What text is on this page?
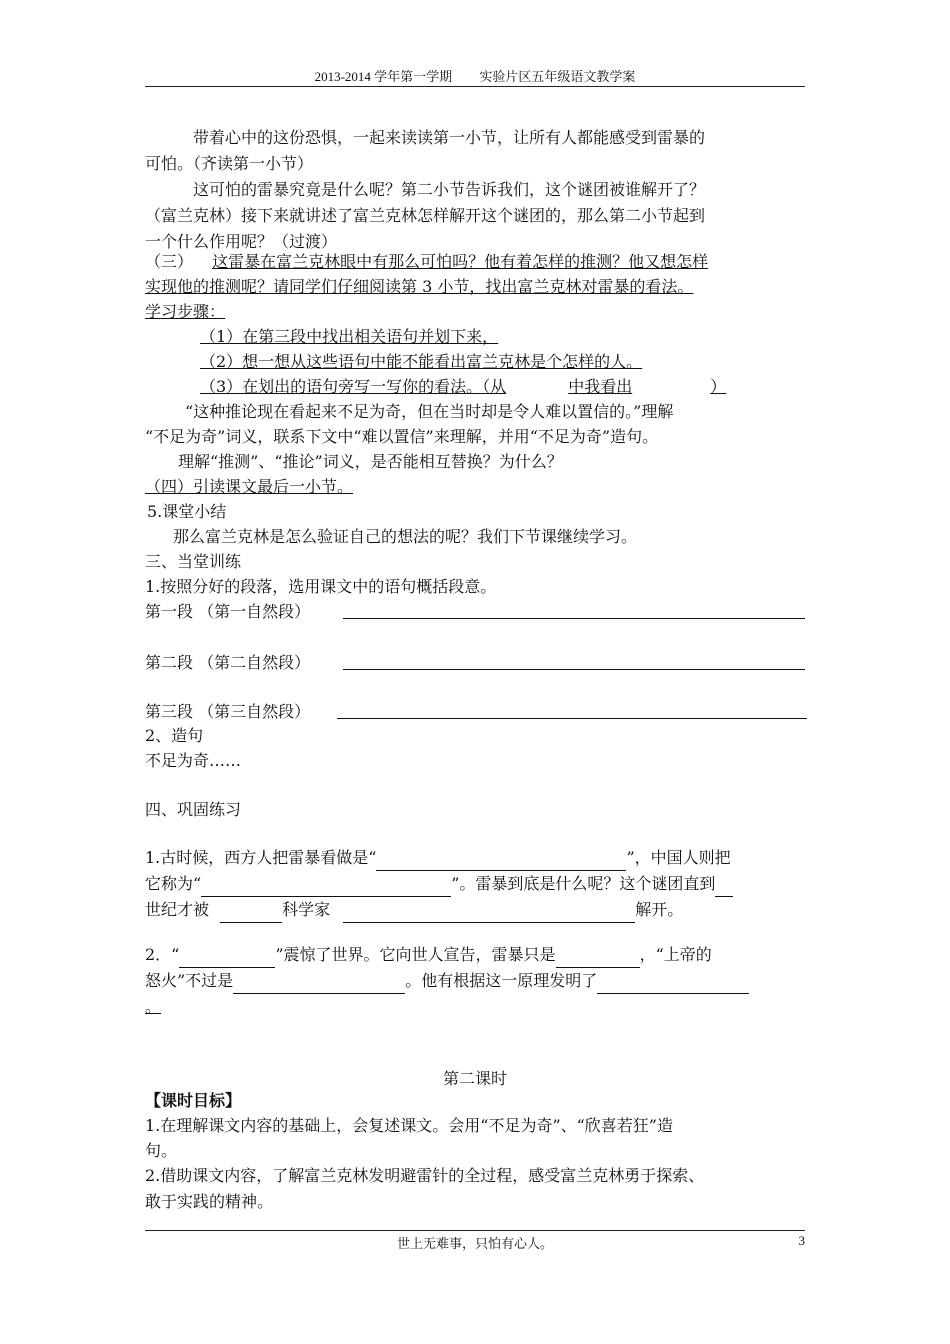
2013-2014 学年第一学期 实验片区五年级语文教学案
带着心中的这份恐惧，一起来读读第一小节，让所有人都能感受到雷暴的
可怕。（齐读第一小节）
这可怕的雷暴究竟是什么呢？第二小节告诉我们，这个谜团被谁解开了？
（富兰克林）接下来就讲述了富兰克林怎样解开这个谜团的，那么第二小节起到
一个什么作用呢？（过渡）
（三） 这雷暴在富兰克林眼中有那么可怕吗？他有着怎样的推测？他又想怎样
实现他的推测呢？请同学们仔细阅读第 3 小节，找出富兰克林对雷暴的看法。
学习步骤：
（1）在第三段中找出相关语句并划下来，
（2）想一想从这些语句中能不能看出富兰克林是个怎样的人。
（3）在划出的语句旁写一写你的看法。（从	中我看出	）
“这种推论现在看起来不足为奇，但在当时却是令人难以置信的。”理解
“不足为奇”词义，联系下文中“难以置信”来理解，并用“不足为奇”造句。
理解“推测”、“推论”词义，是否能相互替换？为什么？
（四）引读课文最后一小节。
5.课堂小结
那么富兰克林是怎么验证自己的想法的呢？我们下节课继续学习。
三、当堂训练
1.按照分好的段落，选用课文中的语句概括段意。
第一段 （第一自然段）
第二段 （第二自然段）
第三段 （第三自然段）
2、造句
不足为奇……
四、巩固练习
1.古时候，西方人把雷暴看做是“	”，中国人则把
它称为“	”。雷暴到底是什么呢？这个谜团直到
世纪才被	科学家	解开。
2．“	”震惊了世界。它向世人宣告，雷暴只是	，“上帝的
怒火”不过是	。他有根据这一原理发明了
。
第二课时
【课时目标】
1.在理解课文内容的基础上，会复述课文。会用“不足为奇”、“欣喜若狂”造
句。
2.借助课文内容，了解富兰克林发明避雷针的全过程，感受富兰克林勇于探索、
敢于实践的精神。
世上无难事，只怕有心人。	3
